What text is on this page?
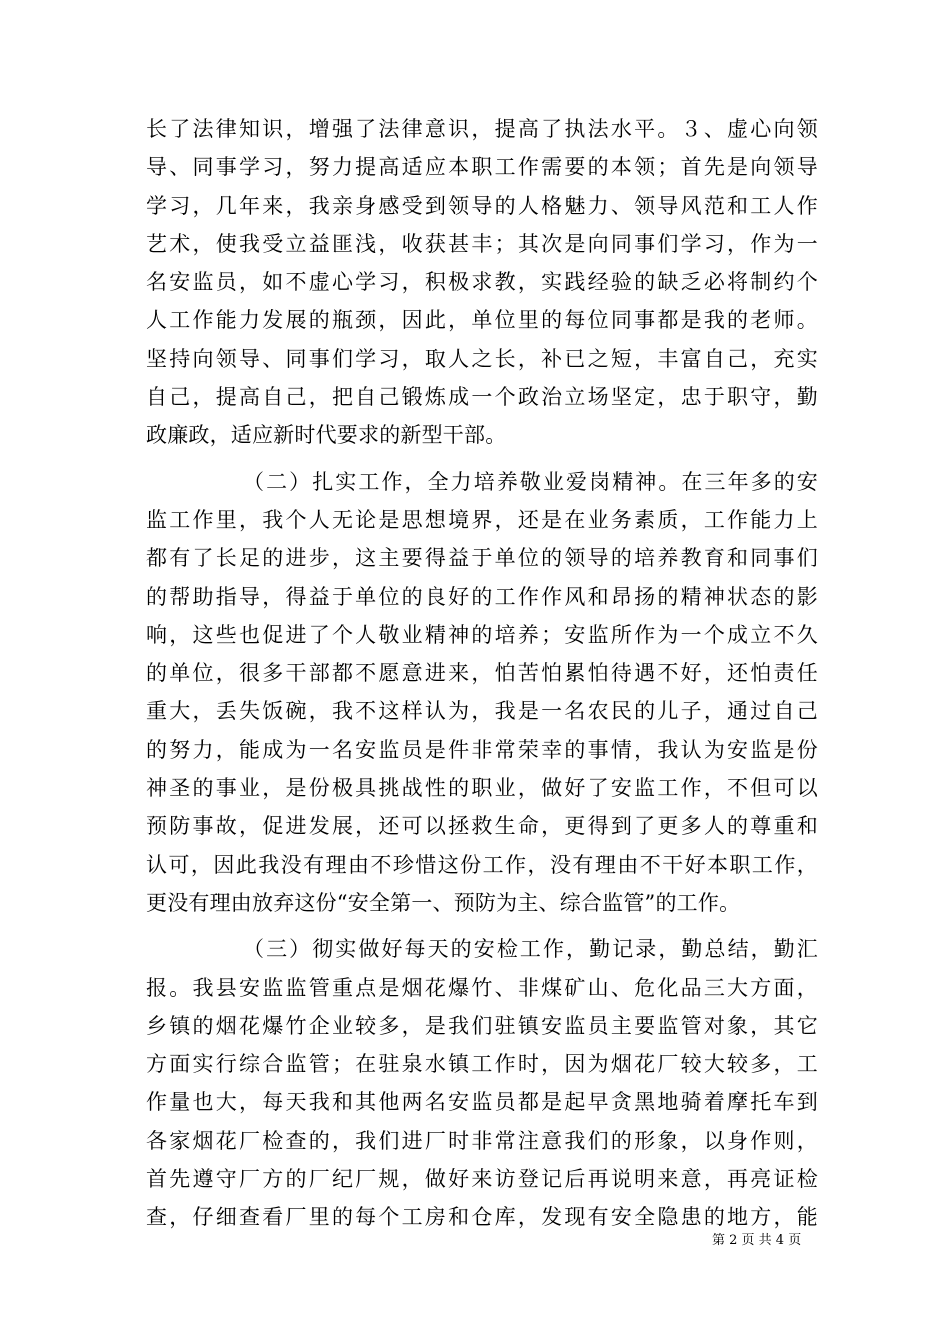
长了法律知识，增强了法律意识，提高了执法水平。３、虚心向领
导、同事学习，努力提高适应本职工作需要的本领；首先是向领导
学习，几年来，我亲身感受到领导的人格魅力、领导风范和工人作
艺术，使我受立益匪浅，收获甚丰；其次是向同事们学习，作为一
名安监员，如不虚心学习，积极求教，实践经验的缺乏必将制约个
人工作能力发展的瓶颈，因此，单位里的每位同事都是我的老师。
坚持向领导、同事们学习，取人之长，补已之短，丰富自己，充实
自己，提高自己，把自己锻炼成一个政治立场坚定，忠于职守，勤
政廉政，适应新时代要求的新型干部。
（二）扎实工作，全力培养敬业爱岗精神。在三年多的安
监工作里，我个人无论是思想境界，还是在业务素质，工作能力上
都有了长足的进步，这主要得益于单位的领导的培养教育和同事们
的帮助指导，得益于单位的良好的工作作风和昂扬的精神状态的影
响，这些也促进了个人敬业精神的培养；安监所作为一个成立不久
的单位，很多干部都不愿意进来，怕苦怕累怕待遇不好，还怕责任
重大，丢失饭碗，我不这样认为，我是一名农民的儿子，通过自己
的努力，能成为一名安监员是件非常荣幸的事情，我认为安监是份
神圣的事业，是份极具挑战性的职业，做好了安监工作，不但可以
预防事故，促进发展，还可以拯救生命，更得到了更多人的尊重和
认可，因此我没有理由不珍惜这份工作，没有理由不干好本职工作，
更没有理由放弃这份“安全第一、预防为主、综合监管”的工作。
（三）彻实做好每天的安检工作，勤记录，勤总结，勤汇
报。我县安监监管重点是烟花爆竹、非煤矿山、危化品三大方面，
乡镇的烟花爆竹企业较多，是我们驻镇安监员主要监管对象，其它
方面实行综合监管；在驻泉水镇工作时，因为烟花厂较大较多，工
作量也大，每天我和其他两名安监员都是起早贪黑地骑着摩托车到
各家烟花厂检查的，我们进厂时非常注意我们的形象，以身作则，
首先遵守厂方的厂纪厂规，做好来访登记后再说明来意，再亮证检
查，仔细查看厂里的每个工房和仓库，发现有安全隐患的地方，能
第 2 页 共 4 页
